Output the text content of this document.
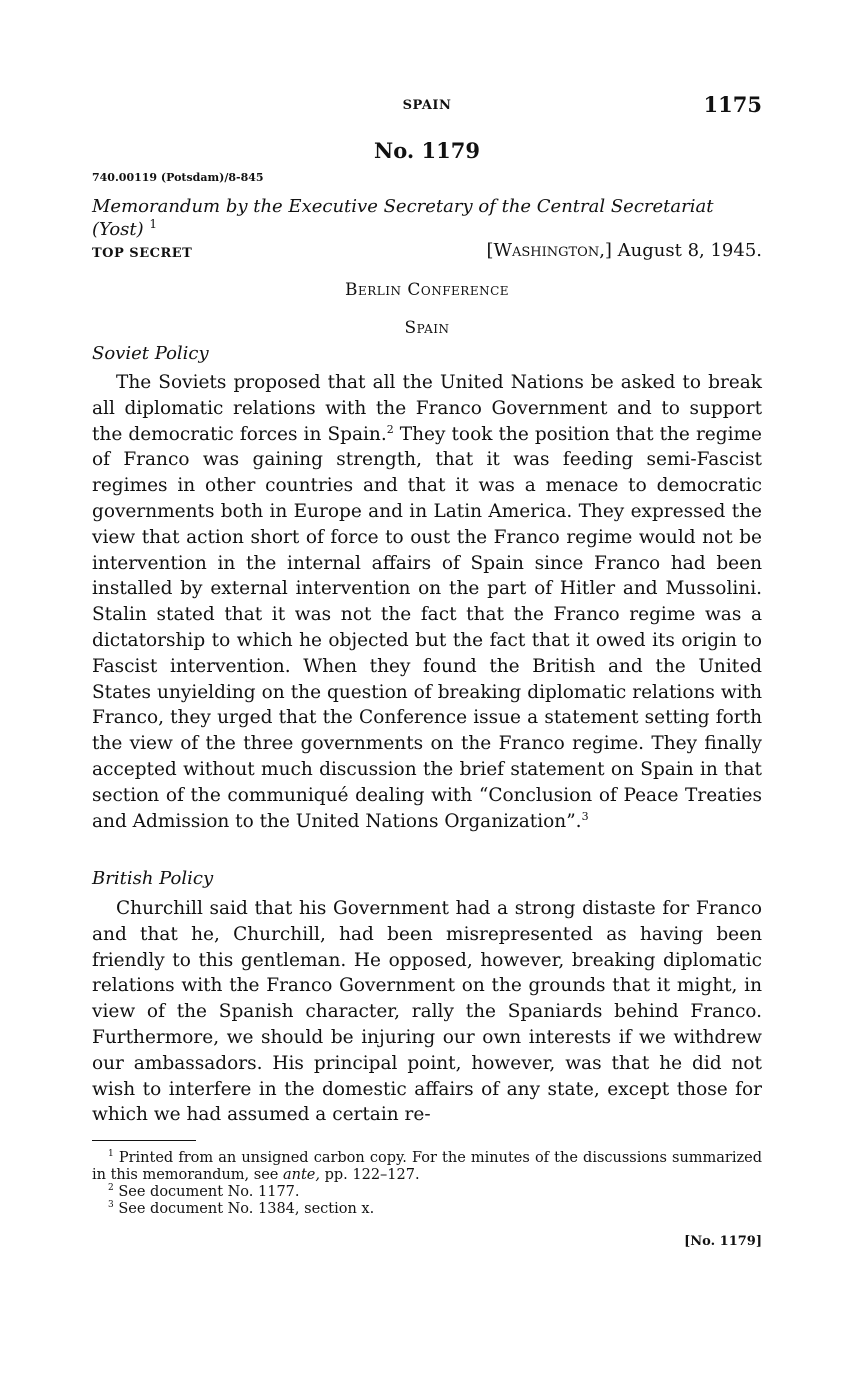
SPAIN	1175
No. 1179
740.00119 (Potsdam)/8-845
Memorandum by the Executive Secretary of the Central Secretariat (Yost) $^1$
TOP SECRET	[Washington,] August 8, 1945.
Berlin Conference
Spain
Soviet Policy

The Soviets proposed that all the United Nations be asked to break all diplomatic relations with the Franco Government and to support the democratic forces in Spain.$^2$ They took the position that the regime of Franco was gaining strength, that it was feeding semi-Fascist regimes in other countries and that it was a menace to democratic governments both in Europe and in Latin America. They expressed the view that action short of force to oust the Franco regime would not be intervention in the internal affairs of Spain since Franco had been installed by external intervention on the part of Hitler and Mussolini. Stalin stated that it was not the fact that the Franco regime was a dictatorship to which he objected but the fact that it owed its origin to Fascist intervention. When they found the British and the United States unyielding on the question of breaking diplomatic relations with Franco, they urged that the Conference issue a statement setting forth the view of the three governments on the Franco regime. They finally accepted without much discussion the brief statement on Spain in that section of the communiqué dealing with “Conclusion of Peace Treaties and Admission to the United Nations Organization”.$^3$

British Policy

Churchill said that his Government had a strong distaste for Franco and that he, Churchill, had been misrepresented as having been friendly to this gentleman. He opposed, however, breaking diplomatic relations with the Franco Government on the grounds that it might, in view of the Spanish character, rally the Spaniards behind Franco. Furthermore, we should be injuring our own interests if we withdrew our ambassadors. His principal point, however, was that he did not wish to interfere in the domestic affairs of any state, except those for which we had assumed a certain re-

$^1$ Printed from an unsigned carbon copy. For the minutes of the discussions summarized in this memorandum, see ante, pp. 122–127.

$^2$ See document No. 1177.

$^3$ See document No. 1384, section x.

[No. 1179]
